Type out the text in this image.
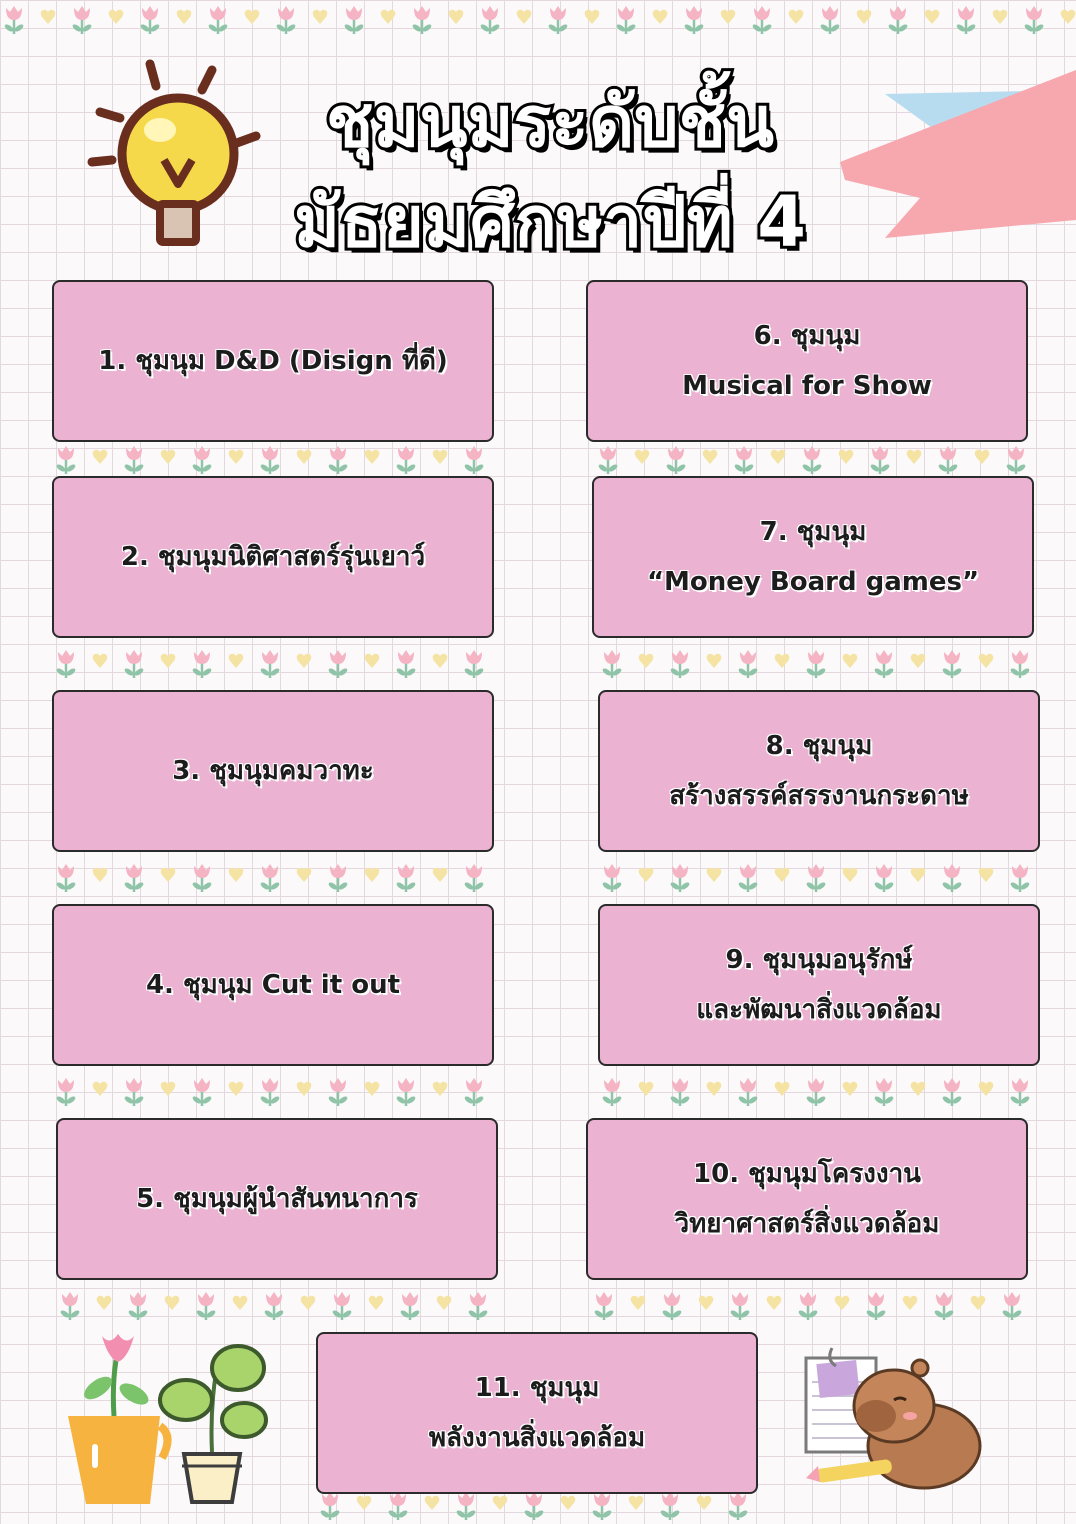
ชุมนุมระดับชั้น
มัธยมศึกษาปีที่ 4
1. ชุมนุม D&D (Disign ที่ดี)
2. ชุมนุมนิติศาสตร์รุ่นเยาว์
3. ชุมนุมคมวาทะ
4. ชุมนุม Cut it out
5. ชุมนุมผู้นำสันทนาการ
6. ชุมนุม
Musical for Show
7. ชุมนุม
“Money Board games”
8. ชุมนุม
สร้างสรรค์สรรงานกระดาษ
9. ชุมนุมอนุรักษ์
และพัฒนาสิ่งแวดล้อม
10. ชุมนุมโครงงาน
วิทยาศาสตร์สิ่งแวดล้อม
11. ชุมนุม
พลังงานสิ่งแวดล้อม
